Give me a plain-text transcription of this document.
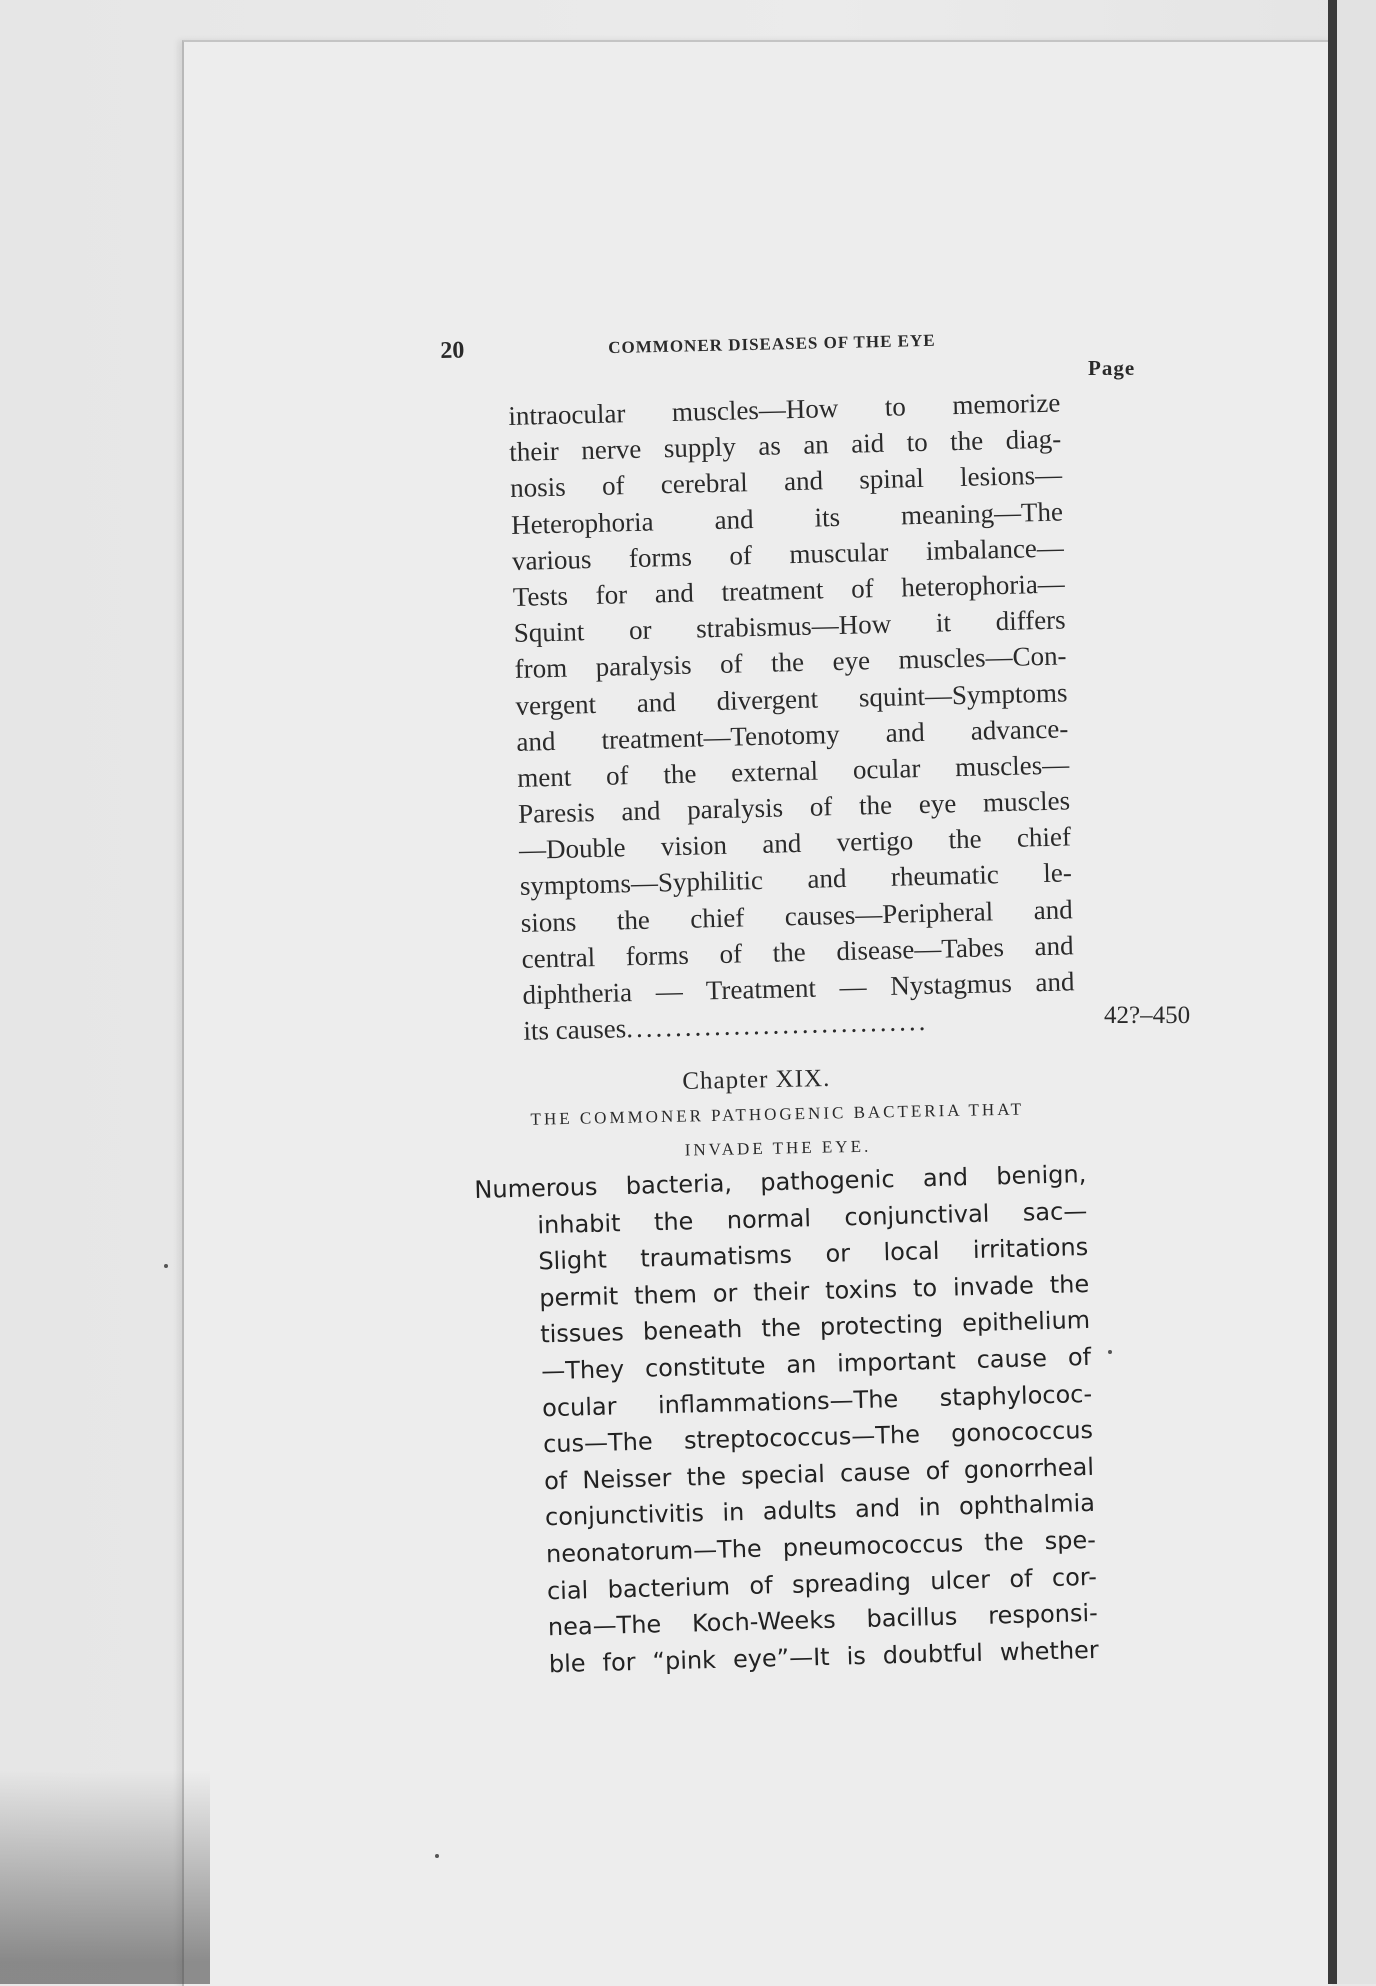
20	COMMONER DISEASES OF THE EYE
Page
intraocular muscles—How to memorize
their nerve supply as an aid to the diag-
nosis of cerebral and spinal lesions—
Heterophoria and its meaning—The
various forms of muscular imbalance—
Tests for and treatment of heterophoria—
Squint or strabismus—How it differs
from paralysis of the eye muscles—Con-
vergent and divergent squint—Symptoms
and treatment—Tenotomy and advance-
ment of the external ocular muscles—
Paresis and paralysis of the eye muscles
—Double vision and vertigo the chief
symptoms—Syphilitic and rheumatic le-
sions the chief causes—Peripheral and
central forms of the disease—Tabes and
diphtheria — Treatment — Nystagmus and
its causes...............................	42⁠?–450
Chapter XIX.
THE COMMONER PATHOGENIC BACTERIA THAT
INVADE THE EYE.
Numerous bacteria, pathogenic and benign,
inhabit the normal conjunctival sac—
Slight traumatisms or local irritations
permit them or their toxins to invade the
tissues beneath the protecting epithelium
—They constitute an important cause of
ocular inflammations—The staphylococ-
cus—The streptococcus—The gonococcus
of Neisser the special cause of gonorrheal
conjunctivitis in adults and in ophthalmia
neonatorum—The pneumococcus the spe-
cial bacterium of spreading ulcer of cor-
nea—The Koch-Weeks bacillus responsi-
ble for “pink eye”—It is doubtful whether
